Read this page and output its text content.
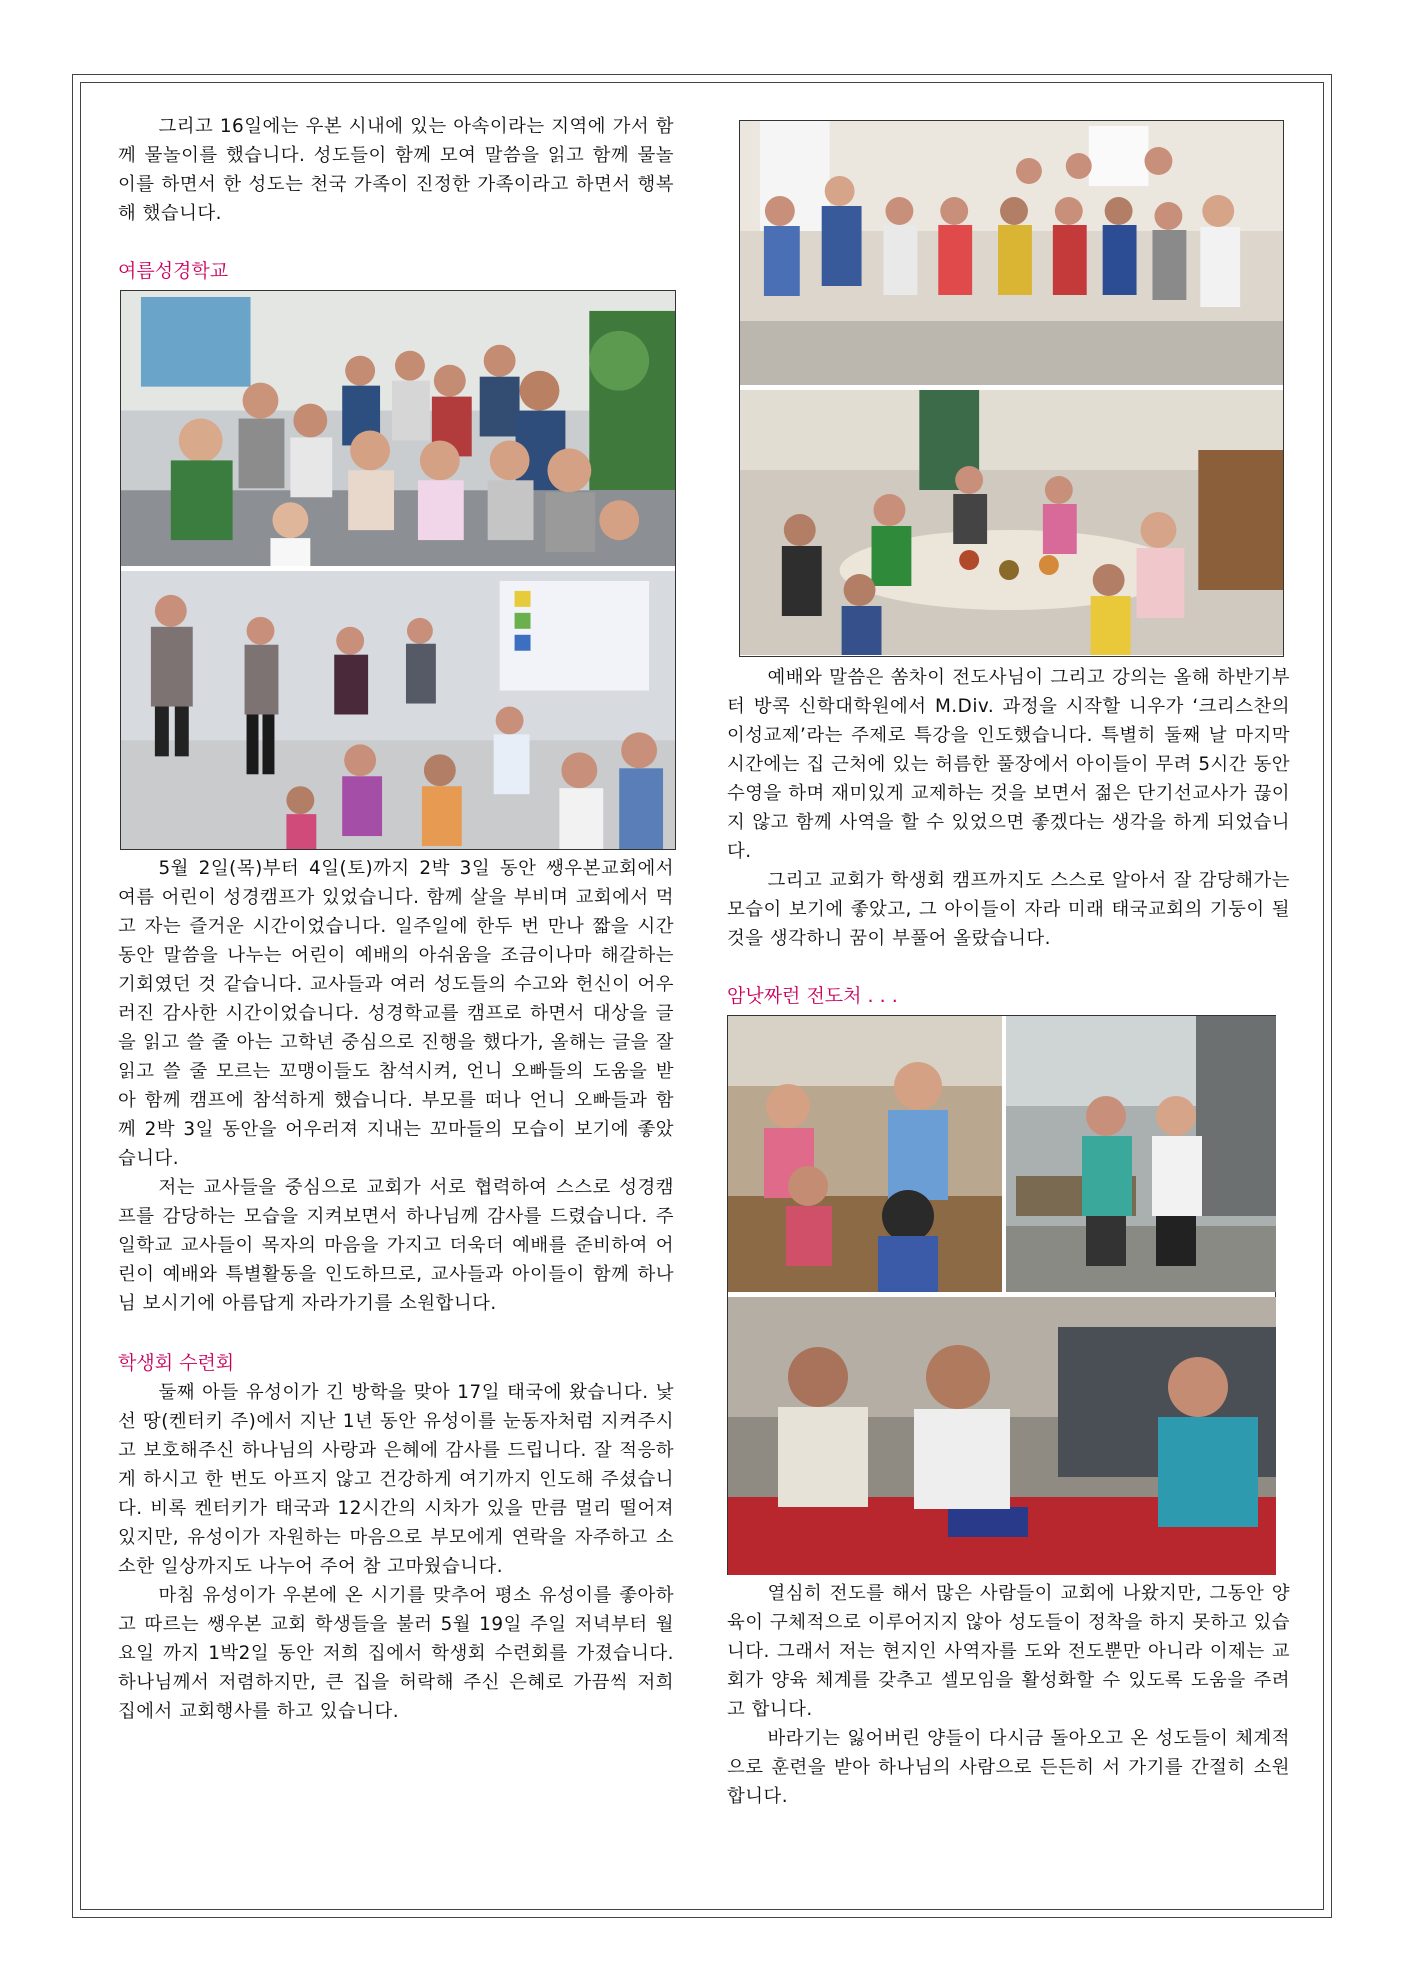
그리고 16일에는 우본 시내에 있는 아속이라는 지역에 가서 함께 물놀이를 했습니다. 성도들이 함께 모여 말씀을 읽고 함께 물놀이를 하면서 한 성도는 천국 가족이 진정한 가족이라고 하면서 행복해 했습니다.

여름성경학교

5월 2일(목)부터 4일(토)까지 2박 3일 동안 쌩우본교회에서 여름 어린이 성경캠프가 있었습니다. 함께 살을 부비며 교회에서 먹고 자는 즐거운 시간이었습니다. 일주일에 한두 번 만나 짧을 시간동안 말씀을 나누는 어린이 예배의 아쉬움을 조금이나마 해갈하는 기회였던 것 같습니다. 교사들과 여러 성도들의 수고와 헌신이 어우러진 감사한 시간이었습니다. 성경학교를 캠프로 하면서 대상을 글을 읽고 쓸 줄 아는 고학년 중심으로 진행을 했다가, 올해는 글을 잘 읽고 쓸 줄 모르는 꼬맹이들도 참석시켜, 언니 오빠들의 도움을 받아 함께 캠프에 참석하게 했습니다. 부모를 떠나 언니 오빠들과 함께 2박 3일 동안을 어우러져 지내는 꼬마들의 모습이 보기에 좋았습니다.

저는 교사들을 중심으로 교회가 서로 협력하여 스스로 성경캠프를 감당하는 모습을 지켜보면서 하나님께 감사를 드렸습니다. 주일학교 교사들이 목자의 마음을 가지고 더욱더 예배를 준비하여 어린이 예배와 특별활동을 인도하므로, 교사들과 아이들이 함께 하나님 보시기에 아름답게 자라가기를 소원합니다.

학생회 수련회

둘째 아들 유성이가 긴 방학을 맞아 17일 태국에 왔습니다. 낯선 땅(켄터키 주)에서 지난 1년 동안 유성이를 눈동자처럼 지켜주시고 보호해주신 하나님의 사랑과 은혜에 감사를 드립니다. 잘 적응하게 하시고 한 번도 아프지 않고 건강하게 여기까지 인도해 주셨습니다. 비록 켄터키가 태국과 12시간의 시차가 있을 만큼 멀리 떨어져 있지만, 유성이가 자원하는 마음으로 부모에게 연락을 자주하고 소소한 일상까지도 나누어 주어 참 고마웠습니다.

마침 유성이가 우본에 온 시기를 맞추어 평소 유성이를 좋아하고 따르는 쌩우본 교회 학생들을 불러 5월 19일 주일 저녁부터 월요일 까지 1박2일 동안 저희 집에서 학생회 수련회를 가졌습니다. 하나님께서 저렴하지만, 큰 집을 허락해 주신 은혜로 가끔씩 저희 집에서 교회행사를 하고 있습니다.

예배와 말씀은 쏨차이 전도사님이 그리고 강의는 올해 하반기부터 방콕 신학대학원에서 M.Div. 과정을 시작할 니우가 ‘크리스찬의 이성교제’라는 주제로 특강을 인도했습니다. 특별히 둘째 날 마지막 시간에는 집 근처에 있는 허름한 풀장에서 아이들이 무려 5시간 동안 수영을 하며 재미있게 교제하는 것을 보면서 젊은 단기선교사가 끊이지 않고 함께 사역을 할 수 있었으면 좋겠다는 생각을 하게 되었습니다.

그리고 교회가 학생회 캠프까지도 스스로 알아서 잘 감당해가는 모습이 보기에 좋았고, 그 아이들이 자라 미래 태국교회의 기둥이 될 것을 생각하니 꿈이 부풀어 올랐습니다.

암낫짜런 전도처 . . .

열심히 전도를 해서 많은 사람들이 교회에 나왔지만, 그동안 양육이 구체적으로 이루어지지 않아 성도들이 정착을 하지 못하고 있습니다. 그래서 저는 현지인 사역자를 도와 전도뿐만 아니라 이제는 교회가 양육 체계를 갖추고 셀모임을 활성화할 수 있도록 도움을 주려고 합니다.

바라기는 잃어버린 양들이 다시금 돌아오고 온 성도들이 체계적으로 훈련을 받아 하나님의 사람으로 든든히 서 가기를 간절히 소원합니다.
